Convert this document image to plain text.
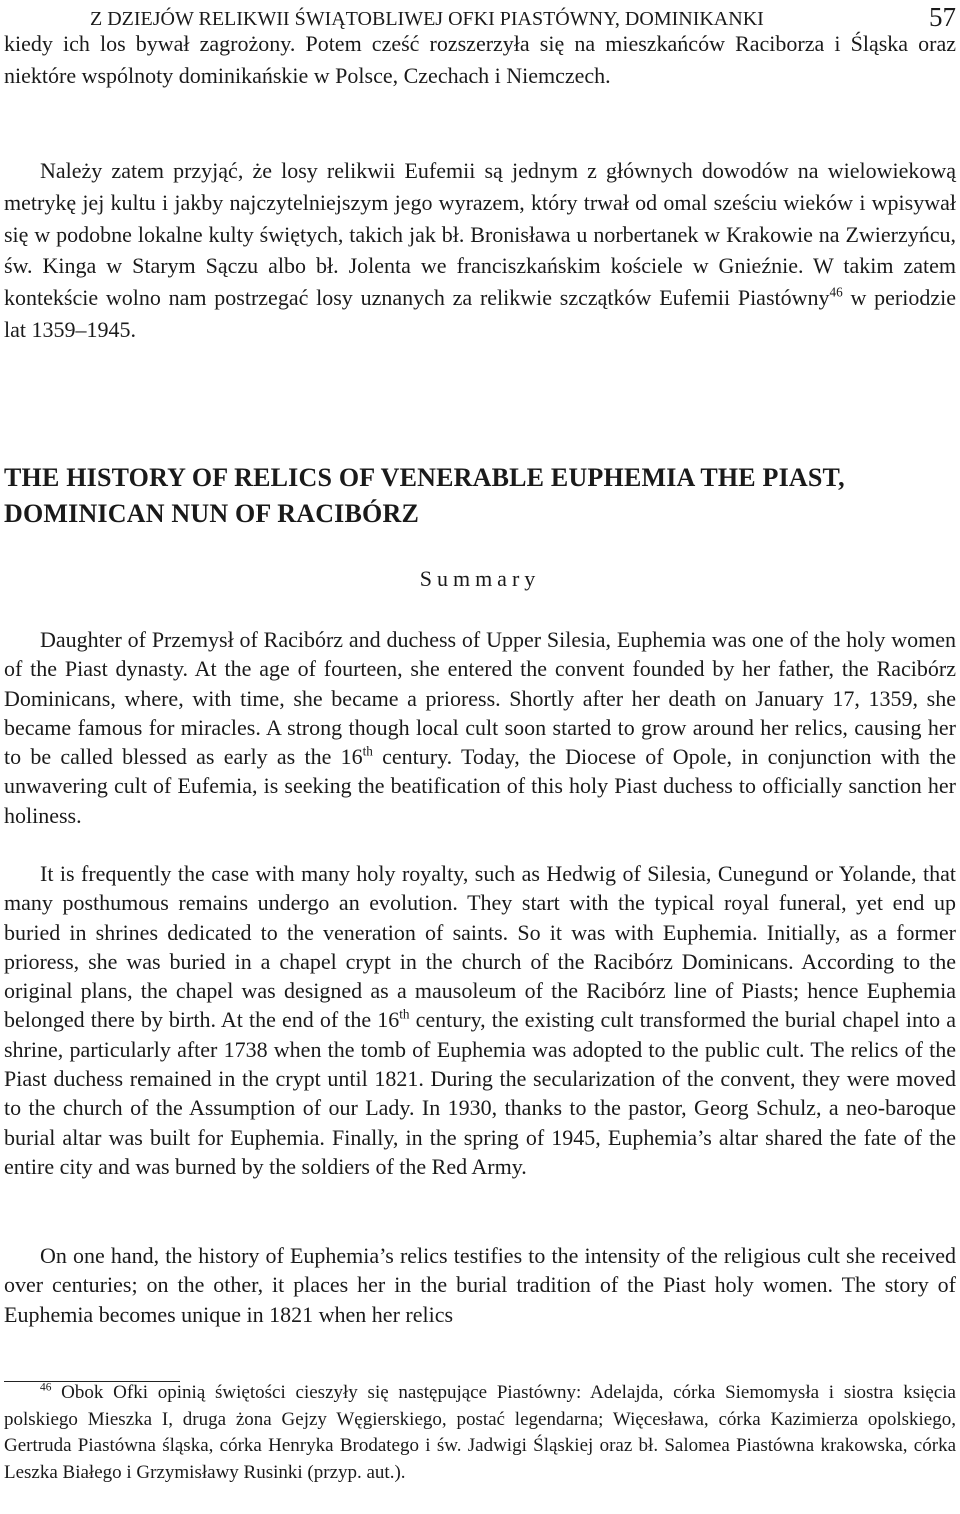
Z DZIEJÓW RELIKWII ŚWIĄTOBLIWEJ OFKI PIASTÓWNY, DOMINIKANKI	57

kiedy ich los bywał zagrożony. Potem cześć rozszerzyła się na mieszkańców Raciborza i Śląska oraz niektóre wspólnoty dominikańskie w Polsce, Czechach i Niemczech.

Należy zatem przyjąć, że losy relikwii Eufemii są jednym z głównych dowodów na wielowiekową metrykę jej kultu i jakby najczytelniejszym jego wyrazem, który trwał od omal sześciu wieków i wpisywał się w podobne lokalne kulty świętych, takich jak bł. Bronisława u norbertanek w Krakowie na Zwierzyńcu, św. Kinga w Starym Sączu albo bł. Jolenta we franciszkańskim kościele w Gnieźnie. W takim zatem kontekście wolno nam postrzegać losy uznanych za relikwie szczątków Eufemii Piastówny$^{46}$ w periodzie lat 1359–1945.

THE HISTORY OF RELICS OF VENERABLE EUPHEMIA THE PIAST, DOMINICAN NUN OF RACIBÓRZ
Summary

Daughter of Przemysł of Racibórz and duchess of Upper Silesia, Euphemia was one of the holy women of the Piast dynasty. At the age of fourteen, she entered the convent founded by her father, the Racibórz Dominicans, where, with time, she became a prioress. Shortly after her death on January 17, 1359, she became famous for miracles. A strong though local cult soon started to grow around her relics, causing her to be called blessed as early as the 16th century. Today, the Diocese of Opole, in conjunction with the unwavering cult of Eufemia, is seeking the beatification of this holy Piast duchess to officially sanction her holiness.

It is frequently the case with many holy royalty, such as Hedwig of Silesia, Cunegund or Yolande, that many posthumous remains undergo an evolution. They start with the typical royal funeral, yet end up buried in shrines dedicated to the veneration of saints. So it was with Euphemia. Initially, as a former prioress, she was buried in a chapel crypt in the church of the Racibórz Dominicans. According to the original plans, the chapel was designed as a mausoleum of the Racibórz line of Piasts; hence Euphemia belonged there by birth. At the end of the 16th century, the existing cult transformed the burial chapel into a shrine, particularly after 1738 when the tomb of Euphemia was adopted to the public cult. The relics of the Piast duchess remained in the crypt until 1821. During the secularization of the convent, they were moved to the church of the Assumption of our Lady. In 1930, thanks to the pastor, Georg Schulz, a neo-baroque burial altar was built for Euphemia. Finally, in the spring of 1945, Euphemia’s altar shared the fate of the entire city and was burned by the soldiers of the Red Army.

On one hand, the history of Euphemia’s relics testifies to the intensity of the religious cult she received over centuries; on the other, it places her in the burial tradition of the Piast holy women. The story of Euphemia becomes unique in 1821 when her relics

$^{46}$ Obok Ofki opinią świętości cieszyły się następujące Piastówny: Adelajda, córka Siemomysła i siostra księcia polskiego Mieszka I, druga żona Gejzy Węgierskiego, postać legendarna; Więcesława, córka Kazimierza opolskiego, Gertruda Piastówna śląska, córka Henryka Brodatego i św. Jadwigi Śląskiej oraz bł. Salomea Piastówna krakowska, córka Leszka Białego i Grzymisławy Rusinki (przyp. aut.).
